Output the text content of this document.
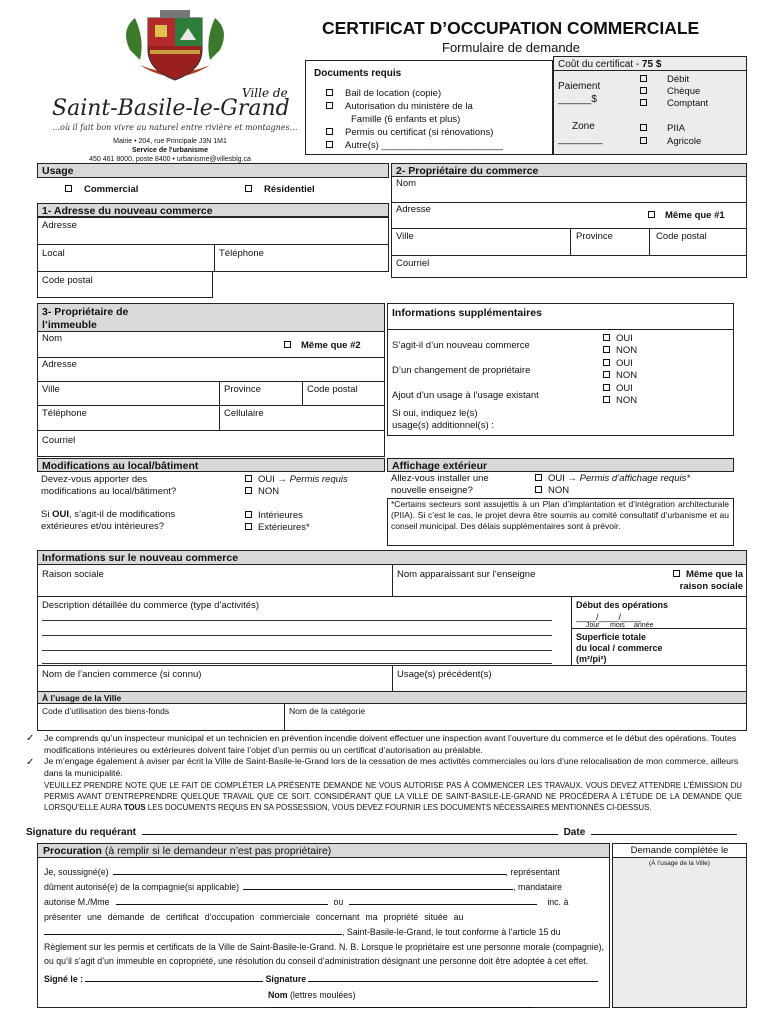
Ville de
Saint-Basile-le-Grand
…où il fait bon vivre au naturel entre rivière et montagnes…
Mairie • 204, rue Principale J3N 1M1
Service de l'urbanisme
450 461 8000, poste 8400 • urbanisme@villesblg.ca
CERTIFICAT D’OCCUPATION COMMERCIALE
Formulaire de demande
Documents requis
Bail de location (copie)
Autorisation du ministère de la
Famille (6 enfants et plus)
Permis ou certificat (si rénovations)
Autre(s) _______________________
Coût du certificat - 75 $
Paiement
______$
Débit
Chèque
Comptant
Zone
________
PIIA
Agricole
Usage
Commercial	Résidentiel
1- Adresse du nouveau commerce
Adresse
Local	Téléphone
Code postal
2- Propriétaire du commerce
Nom
Adresse
Même que #1
Ville	Province	Code postal
Courriel
3- Propriétaire de
l’immeuble
Nom
Même que #2
Adresse
Ville	Province	Code postal
Téléphone	Cellulaire
Courriel
Informations supplémentaires
S’agit-il d’un nouveau commerce
OUI
NON
D’un changement de propriétaire
OUI
NON
Ajout d’un usage à l’usage existant
OUI
NON
Si oui, indiquez le(s)
usage(s) additionnel(s) :
Modifications au local/bâtiment
Devez-vous apporter des
modifications au local/bâtiment?
OUI → Permis requis
NON
Si OUI, s’agit-il de modifications
extérieures et/ou intérieures?
Intérieures
Extérieures*
Affichage extérieur
Allez-vous installer une
nouvelle enseigne?
OUI → Permis d’affichage requis*
NON
*Certains secteurs sont assujettis à un Plan d’implantation et d’intégration architecturale (PIIA). Si c’est le cas, le projet devra être soumis au comité consultatif d’urbanisme et au conseil municipal. Des délais supplémentaires sont à prévoir.
Informations sur le nouveau commerce
Raison sociale	Nom apparaissant sur l’enseigne	Même que la
raison sociale
Description détaillée du commerce (type d’activités)	Début des opérations
____/____/____
Jour mois année
Superficie totale
du local / commerce
(m²/pi²)
Nom de l’ancien commerce (si connu)	Usage(s) précédent(s)
À l’usage de la Ville
Code d’utilisation des biens-fonds	Nom de la catégorie
✓ Je comprends qu’un inspecteur municipal et un technicien en prévention incendie doivent effectuer une inspection avant l’ouverture du commerce et le début des opérations. Toutes modifications intérieures ou extérieures doivent faire l’objet d’un permis ou un certificat d’autorisation au préalable.
✓ Je m’engage également à aviser par écrit la Ville de Saint-Basile-le-Grand lors de la cessation de mes activités commerciales ou lors d’une relocalisation de mon commerce, ailleurs dans la municipalité.
VEUILLEZ PRENDRE NOTE QUE LE FAIT DE COMPLÉTER LA PRÉSENTE DEMANDE NE VOUS AUTORISE PAS À COMMENCER LES TRAVAUX. VOUS DEVEZ ATTENDRE L’ÉMISSION DU PERMIS AVANT D’ENTREPRENDRE QUELQUE TRAVAIL QUE CE SOIT. CONSIDÉRANT QUE LA VILLE DE SAINT-BASILE-LE-GRAND NE PROCÉDERA À L’ÉTUDE DE LA DEMANDE QUE LORSQU’ELLE AURA TOUS LES DOCUMENTS REQUIS EN SA POSSESSION, VOUS DEVEZ FOURNIR LES DOCUMENTS NÉCESSAIRES MENTIONNÉS CI-DESSUS.
Signature du requérant	Date
Procuration (à remplir si le demandeur n’est pas propriétaire)
Je, soussigné(e)	, représentant
dûment autorisé(e) de la compagnie(si applicable)	, mandataire
autorise M./Mme	ou	inc. à
présenter une demande de certificat d’occupation commerciale concernant ma propriété située au
, Saint-Basile-le-Grand, le tout conforme à l’article 15 du
Règlement sur les permis et certificats de la Ville de Saint-Basile-le-Grand. N. B. Lorsque le propriétaire est une personne morale (compagnie), ou qu’il s’agit d’un immeuble en copropriété, une résolution du conseil d’administration désignant une personne doit être adoptée à cet effet.
Signé le :	Signature
Nom (lettres moulées)
Demande complétée le
(À l’usage de la Ville)
